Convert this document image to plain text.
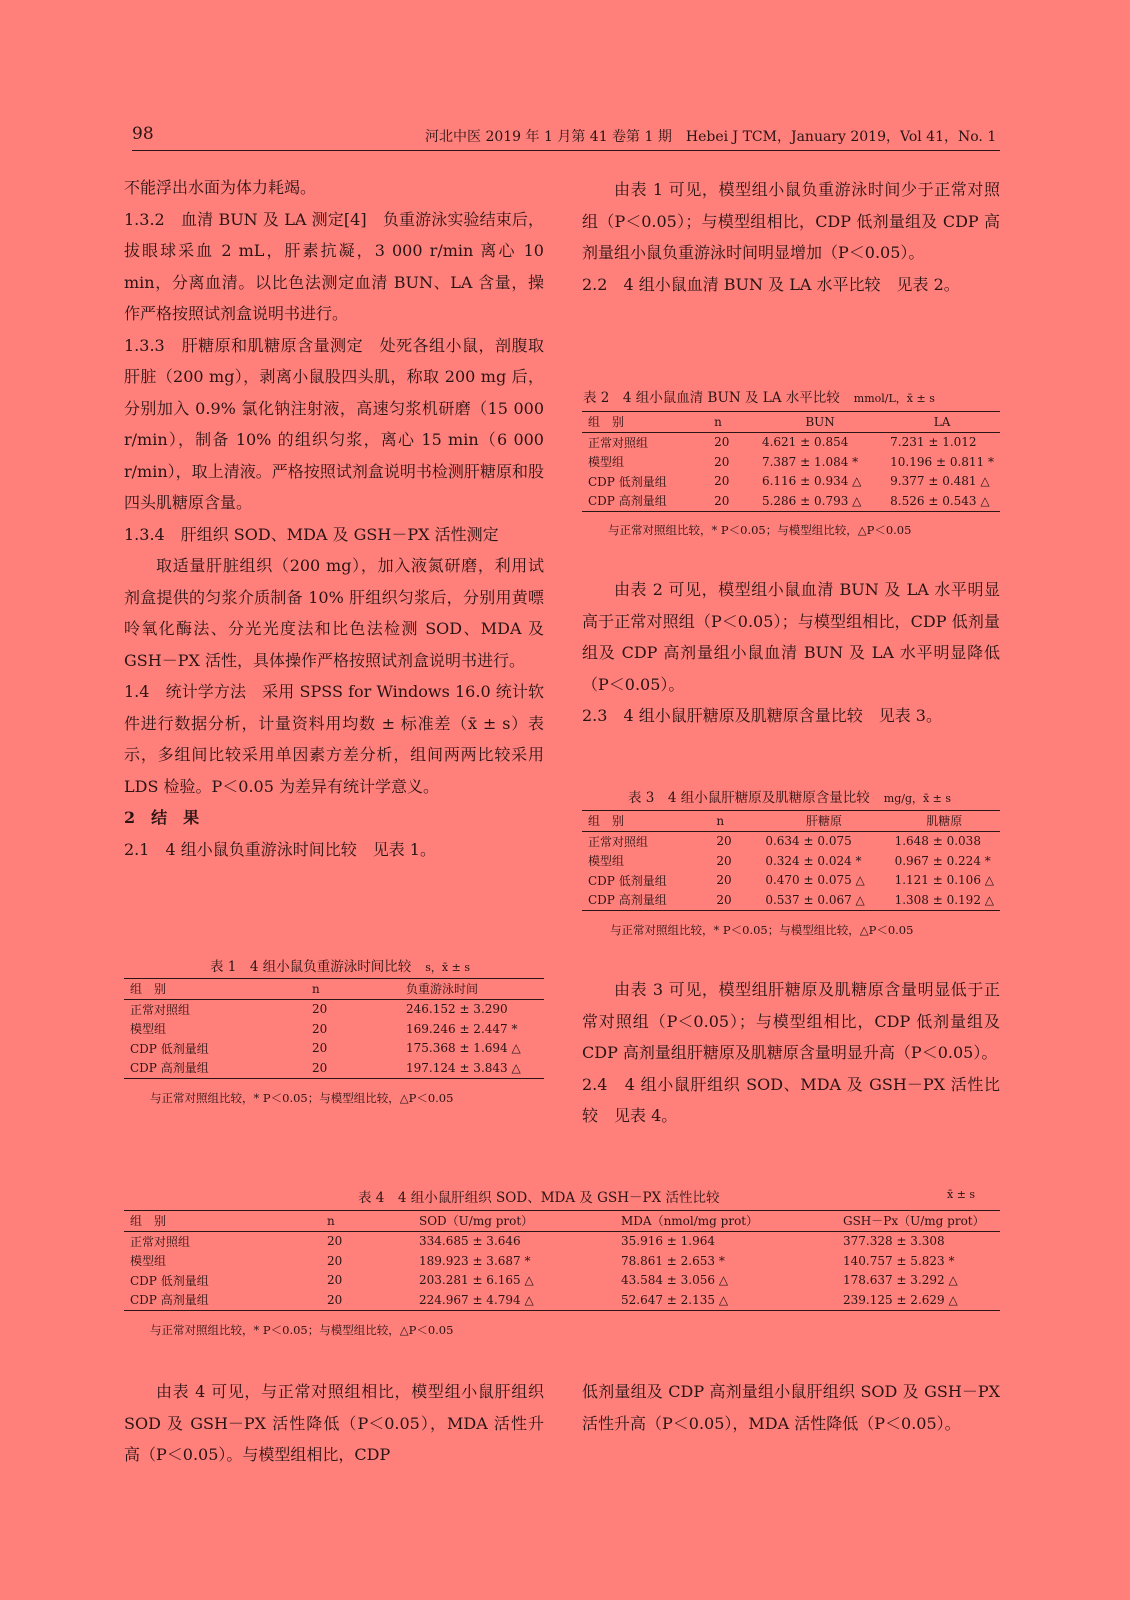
98	河北中医 2019 年 1 月第 41 卷第 1 期　Hebei J TCM，January 2019，Vol 41，No. 1

不能浮出水面为体力耗竭。

1.3.2　血清 BUN 及 LA 测定[4]　负重游泳实验结束后，拔眼球采血 2 mL，肝素抗凝，3 000 r/min 离心 10 min，分离血清。以比色法测定血清 BUN、LA 含量，操作严格按照试剂盒说明书进行。

1.3.3　肝糖原和肌糖原含量测定　处死各组小鼠，剖腹取肝脏（200 mg），剥离小鼠股四头肌，称取 200 mg 后，分别加入 0.9% 氯化钠注射液，高速匀浆机研磨（15 000 r/min），制备 10% 的组织匀浆，离心 15 min（6 000 r/min），取上清液。严格按照试剂盒说明书检测肝糖原和股四头肌糖原含量。

1.3.4　肝组织 SOD、MDA 及 GSH－PX 活性测定

取适量肝脏组织（200 mg），加入液氮研磨，利用试剂盒提供的匀浆介质制备 10% 肝组织匀浆后，分别用黄嘌呤氧化酶法、分光光度法和比色法检测 SOD、MDA 及 GSH－PX 活性，具体操作严格按照试剂盒说明书进行。

1.4　统计学方法　采用 SPSS for Windows 16.0 统计软件进行数据分析，计量资料用均数 ± 标准差（x̄ ± s）表示，多组间比较采用单因素方差分析，组间两两比较采用 LDS 检验。P＜0.05 为差异有统计学意义。

2　结　果

2.1　4 组小鼠负重游泳时间比较　见表 1。

表 1　4 组小鼠负重游泳时间比较 s，x̄ ± s
组　别	n	负重游泳时间
正常对照组	20	246.152 ± 3.290
模型组	20	169.246 ± 2.447 *
CDP 低剂量组	20	175.368 ± 1.694 △
CDP 高剂量组	20	197.124 ± 3.843 △
与正常对照组比较，* P＜0.05；与模型组比较，△P＜0.05

由表 1 可见，模型组小鼠负重游泳时间少于正常对照组（P＜0.05）；与模型组相比，CDP 低剂量组及 CDP 高剂量组小鼠负重游泳时间明显增加（P＜0.05）。

2.2　4 组小鼠血清 BUN 及 LA 水平比较　见表 2。

表 2　4 组小鼠血清 BUN 及 LA 水平比较 mmol/L，x̄ ± s
组　别	n	BUN	LA
正常对照组	20	4.621 ± 0.854	7.231 ± 1.012
模型组	20	7.387 ± 1.084 *	10.196 ± 0.811 *
CDP 低剂量组	20	6.116 ± 0.934 △	9.377 ± 0.481 △
CDP 高剂量组	20	5.286 ± 0.793 △	8.526 ± 0.543 △
与正常对照组比较，* P＜0.05；与模型组比较，△P＜0.05

由表 2 可见，模型组小鼠血清 BUN 及 LA 水平明显高于正常对照组（P＜0.05）；与模型组相比，CDP 低剂量组及 CDP 高剂量组小鼠血清 BUN 及 LA 水平明显降低（P＜0.05）。

2.3　4 组小鼠肝糖原及肌糖原含量比较　见表 3。

表 3　4 组小鼠肝糖原及肌糖原含量比较 mg/g，x̄ ± s
组　别	n	肝糖原	肌糖原
正常对照组	20	0.634 ± 0.075	1.648 ± 0.038
模型组	20	0.324 ± 0.024 *	0.967 ± 0.224 *
CDP 低剂量组	20	0.470 ± 0.075 △	1.121 ± 0.106 △
CDP 高剂量组	20	0.537 ± 0.067 △	1.308 ± 0.192 △
与正常对照组比较，* P＜0.05；与模型组比较，△P＜0.05

由表 3 可见，模型组肝糖原及肌糖原含量明显低于正常对照组（P＜0.05）；与模型组相比，CDP 低剂量组及 CDP 高剂量组肝糖原及肌糖原含量明显升高（P＜0.05）。

2.4　4 组小鼠肝组织 SOD、MDA 及 GSH－PX 活性比较　见表 4。

表 4　4 组小鼠肝组织 SOD、MDA 及 GSH－PX 活性比较	x̄ ± s
组　别	n	SOD（U/mg prot）	MDA（nmol/mg prot）	GSH－Px（U/mg prot）
正常对照组	20	334.685 ± 3.646	35.916 ± 1.964	377.328 ± 3.308
模型组	20	189.923 ± 3.687 *	78.861 ± 2.653 *	140.757 ± 5.823 *
CDP 低剂量组	20	203.281 ± 6.165 △	43.584 ± 3.056 △	178.637 ± 3.292 △
CDP 高剂量组	20	224.967 ± 4.794 △	52.647 ± 2.135 △	239.125 ± 2.629 △
与正常对照组比较，* P＜0.05；与模型组比较，△P＜0.05

由表 4 可见，与正常对照组相比，模型组小鼠肝组织 SOD 及 GSH－PX 活性降低（P＜0.05），MDA 活性升高（P＜0.05）。与模型组相比，CDP

低剂量组及 CDP 高剂量组小鼠肝组织 SOD 及 GSH－PX 活性升高（P＜0.05），MDA 活性降低（P＜0.05）。
